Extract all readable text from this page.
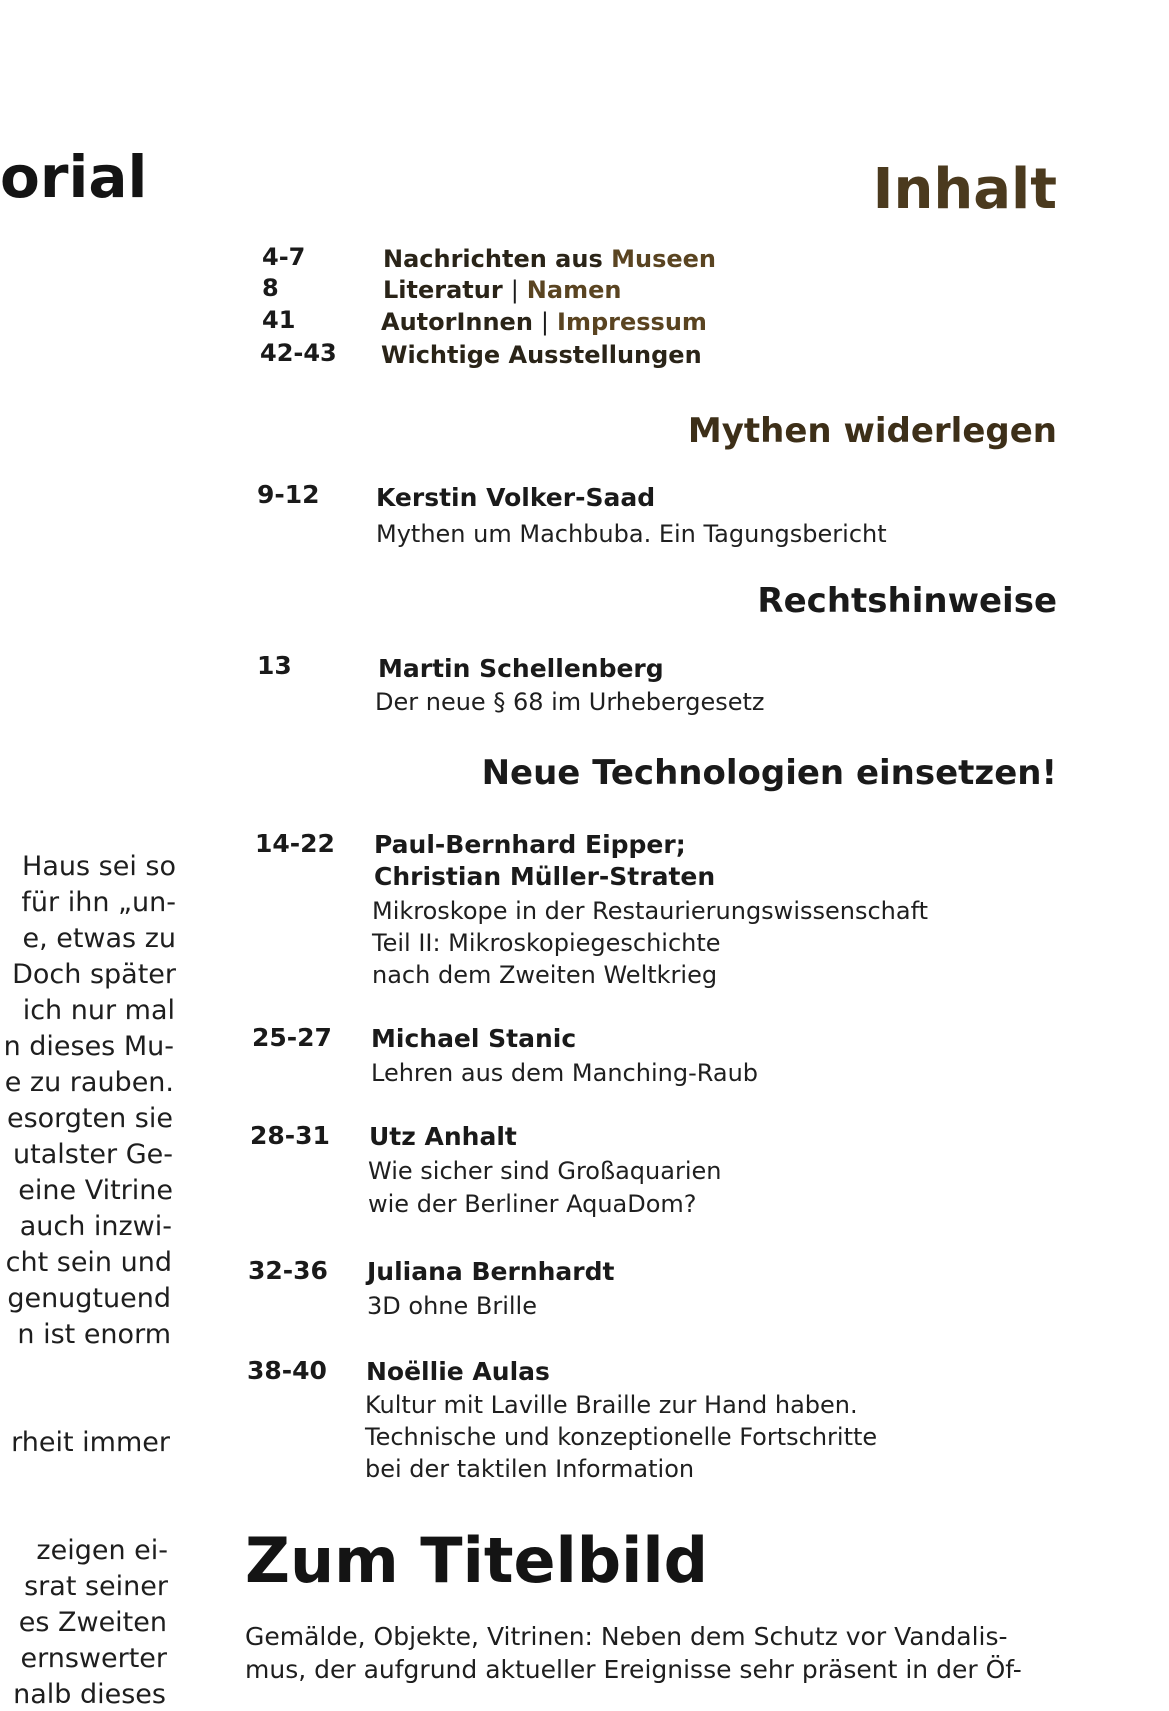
orial
Haus sei so
für ihn „un-
e, etwas zu
Doch später
ich nur mal
n dieses Mu-
e zu rauben.
esorgten sie
utalster Ge-
eine Vitrine
auch inzwi-
cht sein und
genugtuend
n ist enorm
rheit immer
zeigen ei-
srat seiner
es Zweiten
ernswerter
nalb dieses
Inhalt
4-7	Nachrichten aus Museen
8	Literatur | Namen
41	AutorInnen | Impressum
42-43 Wichtige Ausstellungen
Mythen widerlegen
9-12 Kerstin Volker-Saad
Mythen um Machbuba. Ein Tagungsbericht
Rechtshinweise
13	Martin Schellenberg
Der neue § 68 im Urhebergesetz
Neue Technologien einsetzen!
14-22 Paul-Bernhard Eipper;
Christian Müller-Straten
Mikroskope in der Restaurierungswissenschaft
Teil II: Mikroskopiegeschichte
nach dem Zweiten Weltkrieg
25-27 Michael Stanic
Lehren aus dem Manching-Raub
28-31 Utz Anhalt
Wie sicher sind Großaquarien
wie der Berliner AquaDom?
32-36 Juliana Bernhardt
3D ohne Brille
38-40 Noëllie Aulas
Kultur mit Laville Braille zur Hand haben.
Technische und konzeptionelle Fortschritte
bei der taktilen Information
Zum Titelbild
Gemälde, Objekte, Vitrinen: Neben dem Schutz vor Vandalis-
mus, der aufgrund aktueller Ereignisse sehr präsent in der Öf-
